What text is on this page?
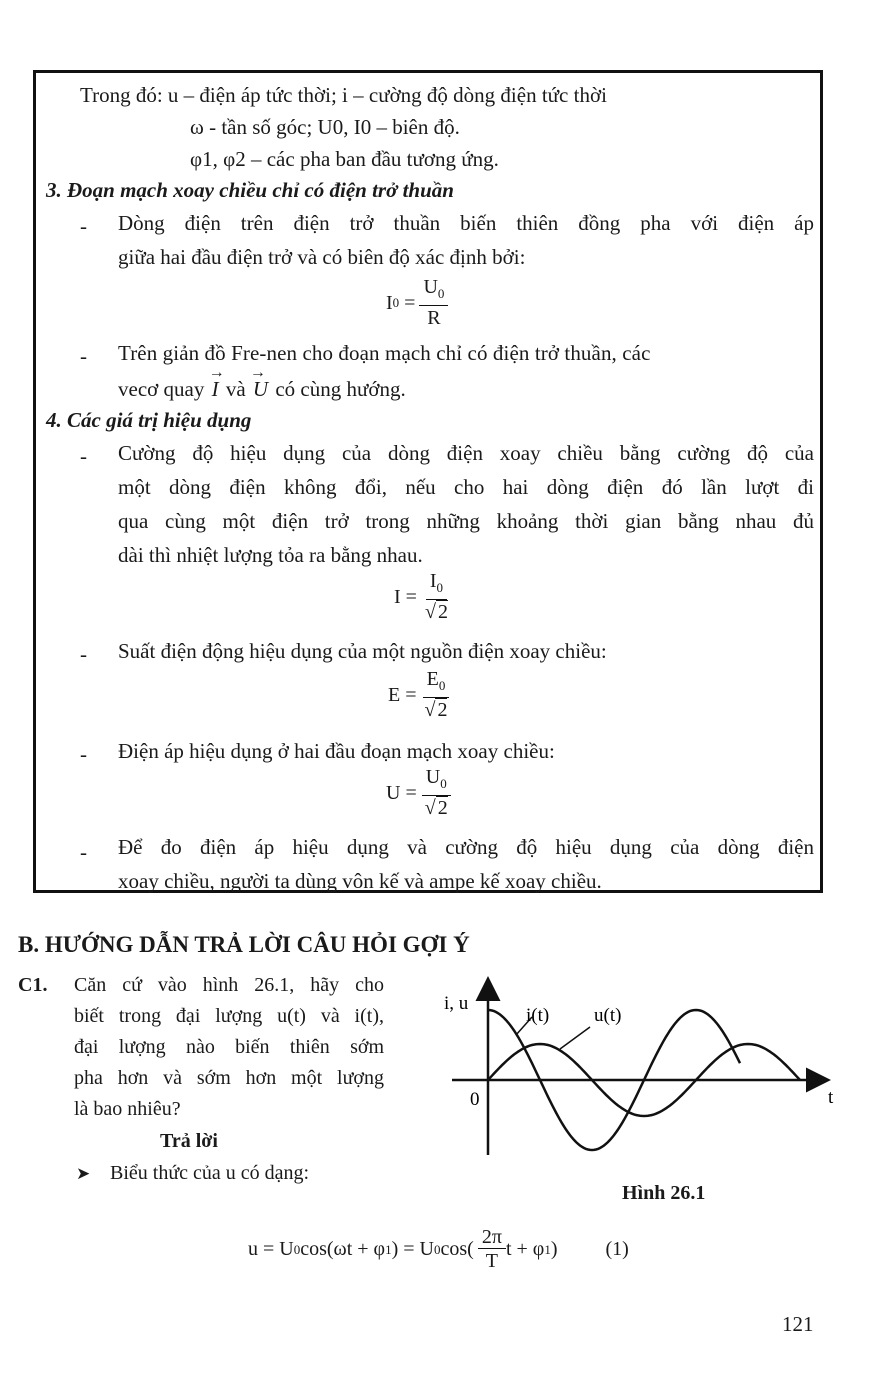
Trong đó: u – điện áp tức thời; i – cường độ dòng điện tức thời
ω - tần số góc; U0, I0 – biên độ.
φ1, φ2 – các pha ban đầu tương ứng.
3. Đoạn mạch xoay chiều chỉ có điện trở thuần
- Dòng điện trên điện trở thuần biến thiên đồng pha với điện áp
giữa hai đầu điện trở và có biên độ xác định bởi:
I $0 = \frac{U_0}{R}$
- Trên giản đồ Fre-nen cho đoạn mạch chỉ có điện trở thuần, các
vecơ quay → I và → U có cùng hướng.
4. Các giá trị hiệu dụng
- Cường độ hiệu dụng của dòng điện xoay chiều bằng cường độ của
một dòng điện không đổi, nếu cho hai dòng điện đó lần lượt đi
qua cùng một điện trở trong những khoảng thời gian bằng nhau đủ
dài thì nhiệt lượng tỏa ra bằng nhau.
$I = \frac{I_0}{√ 2}$
- Suất điện động hiệu dụng của một nguồn điện xoay chiều:
$E = \frac{E_0}{√ 2}$
- Điện áp hiệu dụng ở hai đầu đoạn mạch xoay chiều:
$U = \frac{U_0}{√ 2}$
- Để đo điện áp hiệu dụng và cường độ hiệu dụng của dòng điện
xoay chiều, người ta dùng vôn kế và ampe kế xoay chiều.
B. HƯỚNG DẪN TRẢ LỜI CÂU HỎI GỢI Ý
C1. Căn cứ vào hình 26.1, hãy cho
biết trong đại lượng u(t) và i(t),
đại lượng nào biến thiên sớm
pha hơn và sớm hơn một lượng
là bao nhiêu?
Trả lời
➤ Biểu thức của u có dạng:
i, u
i(t) u(t)
0	t
Hình 26.1
u = U 0 cos(ωt + φ 1 ) = U 0 $\cos( \frac{2\pi}{T}$ t + φ 1 ) (1)
121
